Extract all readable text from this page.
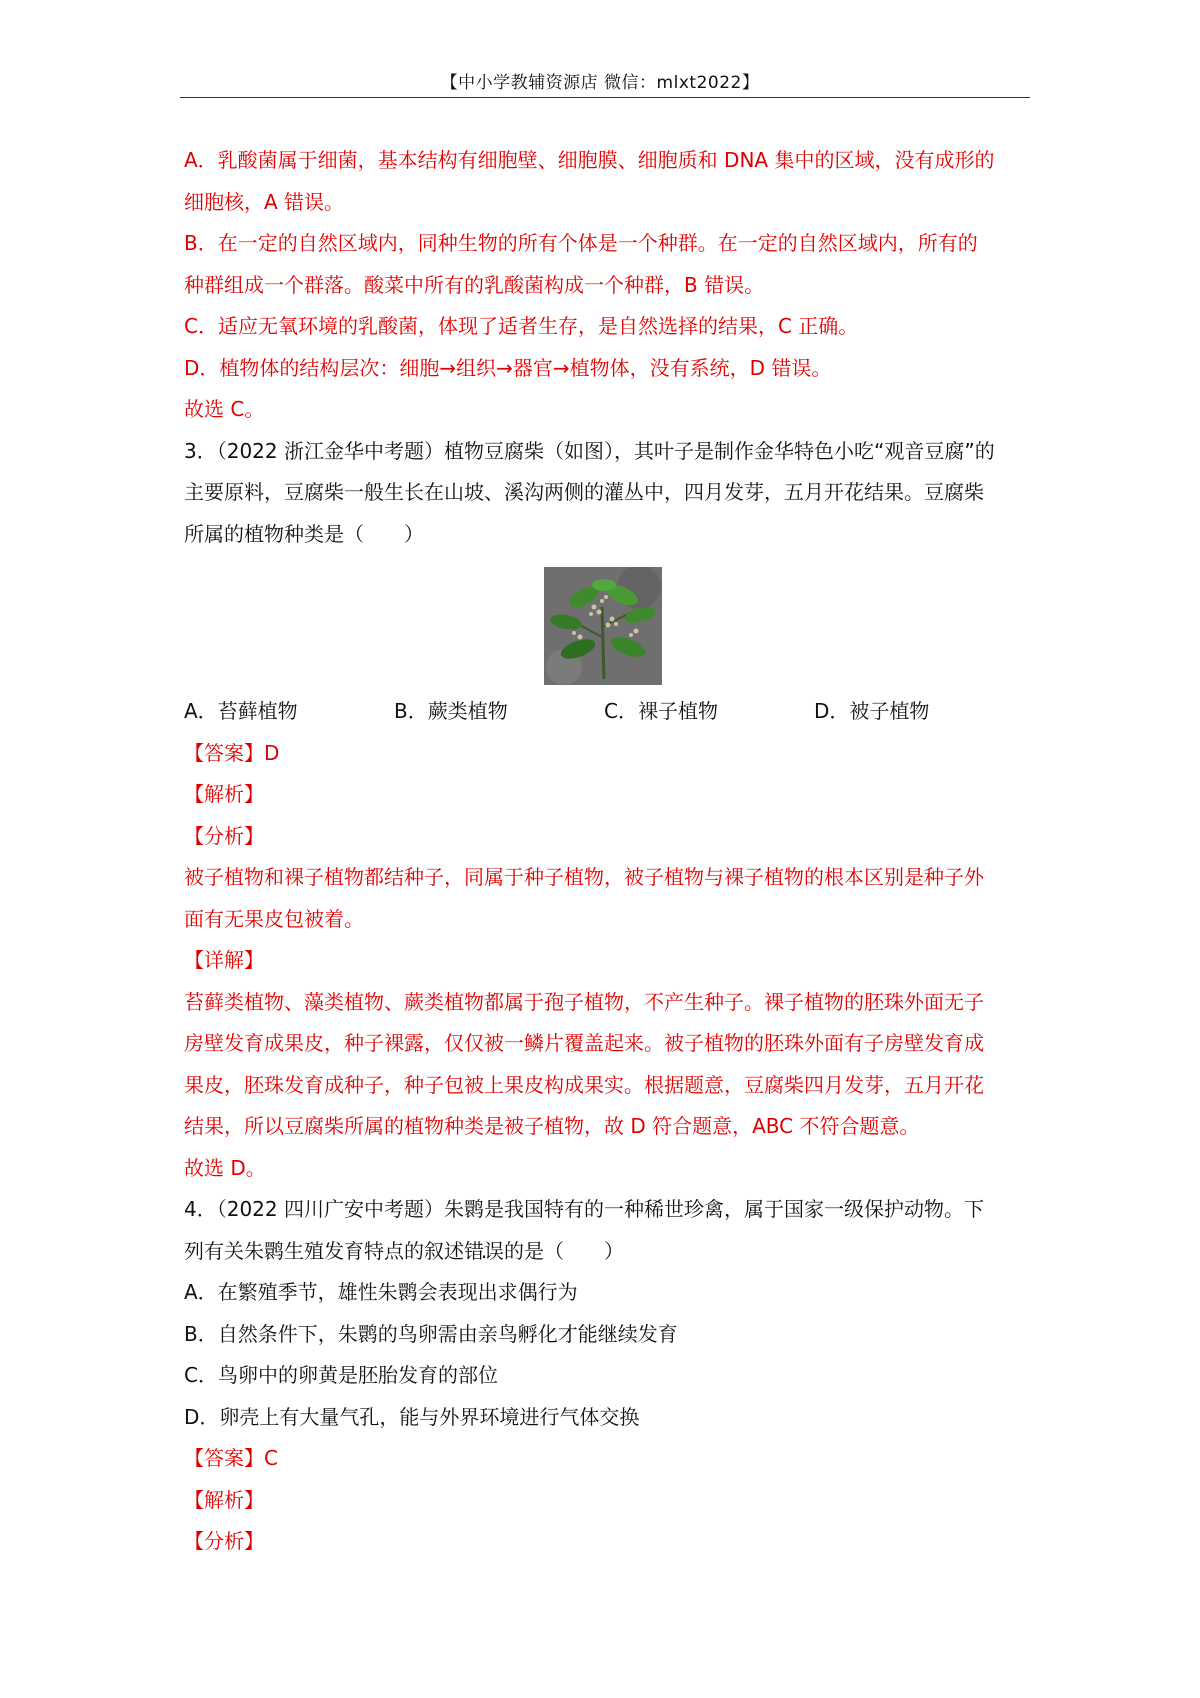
【中小学教辅资源店 微信：mlxt2022】
A．乳酸菌属于细菌，基本结构有细胞壁、细胞膜、细胞质和 DNA 集中的区域，没有成形的
细胞核，A 错误。
B．在一定的自然区域内，同种生物的所有个体是一个种群。在一定的自然区域内，所有的
种群组成一个群落。酸菜中所有的乳酸菌构成一个种群，B 错误。
C．适应无氧环境的乳酸菌，体现了适者生存，是自然选择的结果，C 正确。
D．植物体的结构层次：细胞→组织→器官→植物体，没有系统，D 错误。
故选 C。
3．（2022 浙江金华中考题）植物豆腐柴（如图），其叶子是制作金华特色小吃“观音豆腐”的
主要原料，豆腐柴一般生长在山坡、溪沟两侧的灌丛中，四月发芽，五月开花结果。豆腐柴
所属的植物种类是（　　）
A．苔藓植物	B．蕨类植物	C．裸子植物	D．被子植物
【答案】D
【解析】
【分析】
被子植物和裸子植物都结种子，同属于种子植物，被子植物与裸子植物的根本区别是种子外
面有无果皮包被着。
【详解】
苔藓类植物、藻类植物、蕨类植物都属于孢子植物，不产生种子。裸子植物的胚珠外面无子
房壁发育成果皮，种子裸露，仅仅被一鳞片覆盖起来。被子植物的胚珠外面有子房壁发育成
果皮，胚珠发育成种子，种子包被上果皮构成果实。根据题意，豆腐柴四月发芽，五月开花
结果，所以豆腐柴所属的植物种类是被子植物，故 D 符合题意，ABC 不符合题意。
故选 D。
4．（2022 四川广安中考题）朱鹮是我国特有的一种稀世珍禽，属于国家一级保护动物。下
列有关朱鹮生殖发育特点的叙述错误的是（　　）
A．在繁殖季节，雄性朱鹮会表现出求偶行为
B．自然条件下，朱鹮的鸟卵需由亲鸟孵化才能继续发育
C．鸟卵中的卵黄是胚胎发育的部位
D．卵壳上有大量气孔，能与外界环境进行气体交换
【答案】C
【解析】
【分析】
